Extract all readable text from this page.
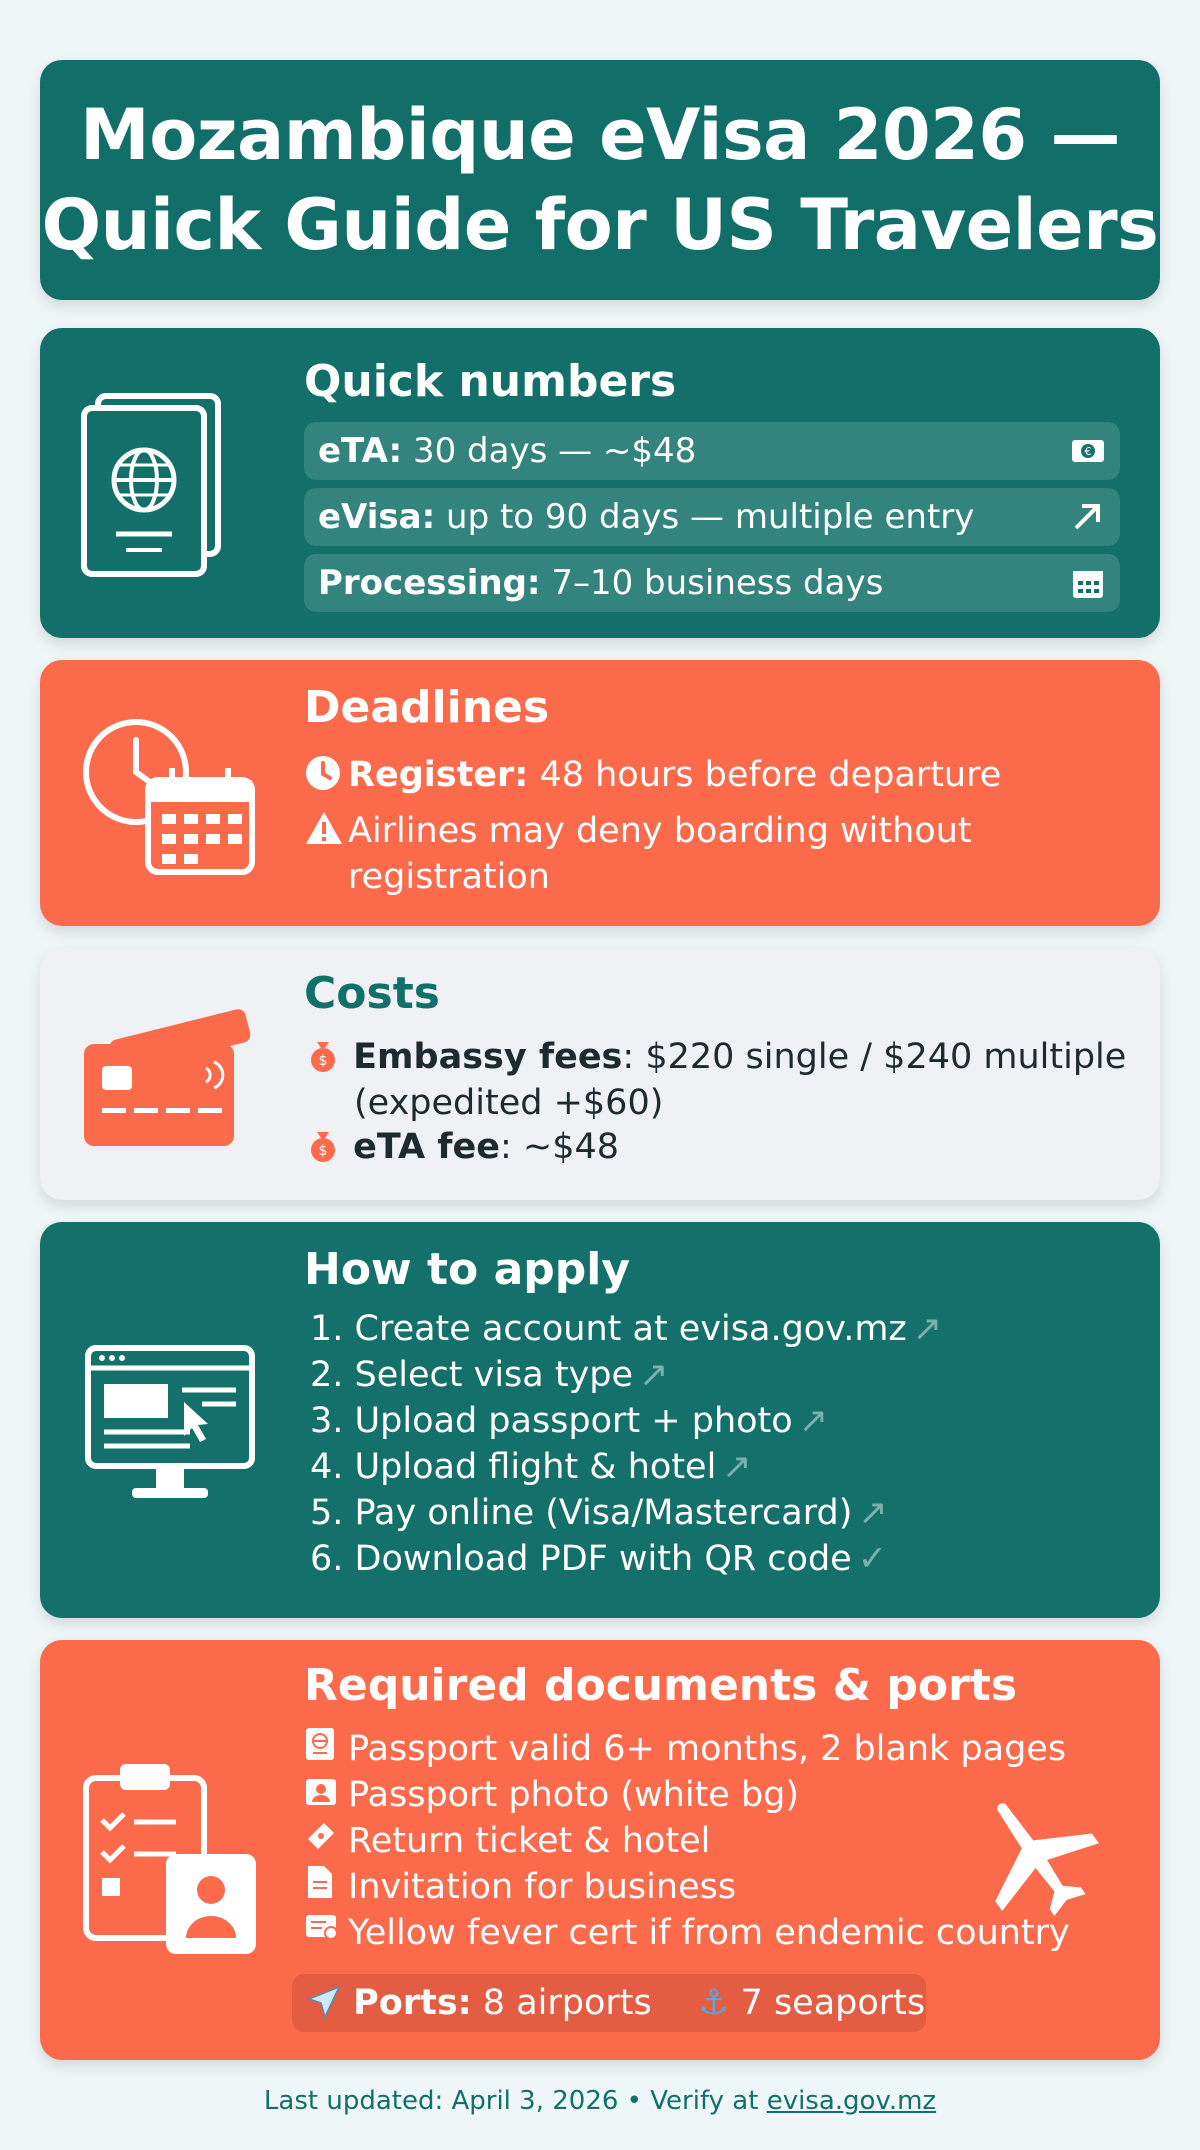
Mozambique eVisa 2026 —
Quick Guide for US Travelers
Quick numbers
eTA: 30 days — ~$48	€
eVisa: up to 90 days — multiple entry
Processing: 7–10 business days
Deadlines
Register: 48 hours before departure
Airlines may deny boarding without
registration
Costs
$ Embassy fees: $220 single / $240 multiple
(expedited +$60)
$ eTA fee: ~$48
How to apply
1. Create account at evisa.gov.mz ↗
2. Select visa type ↗
3. Upload passport + photo ↗
4. Upload flight & hotel ↗
5. Pay online (Visa/Mastercard) ↗
6. Download PDF with QR code ✓
Required documents & ports
Passport valid 6+ months, 2 blank pages
Passport photo (white bg)
Return ticket & hotel
Invitation for business
Yellow fever cert if from endemic country
Ports: 8 airports ⚓ 7 seaports
Last updated: April 3, 2026 • Verify at evisa.gov.mz
